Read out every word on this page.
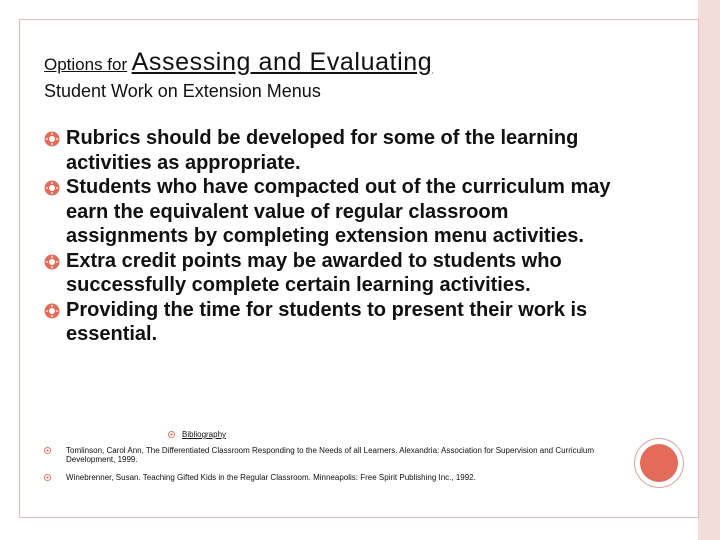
Options for Assessing and Evaluating
Student Work on Extension Menus
Rubrics should be developed for some of the learning activities as appropriate.
Students who have compacted out of the curriculum may earn the equivalent value of regular classroom assignments by completing extension menu activities.
Extra credit points may be awarded to students who successfully complete certain learning activities.
Providing the time for students to present their work is essential.
Bibliography
Tomlinson, Carol Ann, The Differentiated Classroom Responding to the Needs of all Learners. Alexandria: Association for Supervision and Curriculum Development, 1999.
Winebrenner, Susan. Teaching Gifted Kids in the Regular Classroom. Minneapolis: Free Spirit Publishing Inc., 1992.
